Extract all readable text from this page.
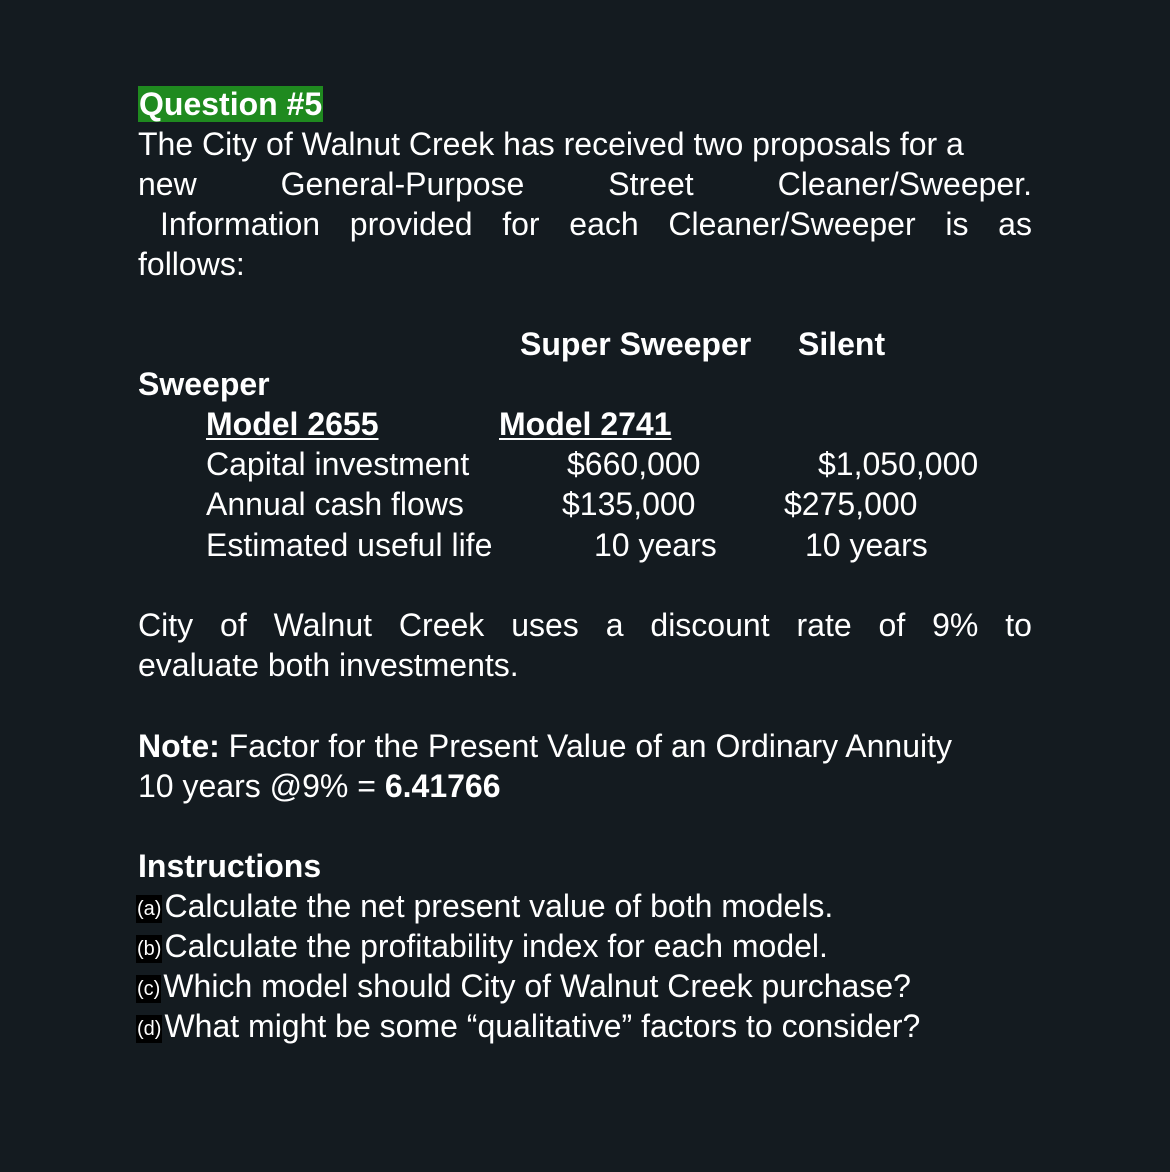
Question #5
The City of Walnut Creek has received two proposals for a
new	General-Purpose	Street	Cleaner/Sweeper.
Information provided for each Cleaner/Sweeper is as
follows:
Super Sweeper Silent
Sweeper
Model 2655	Model 2741
Capital investment	$660,000	$1,050,000
Annual cash flows	$135,000	$275,000
Estimated useful life	10 years	10 years
City of Walnut Creek uses a discount rate of 9% to
evaluate both investments.
Note: Factor for the Present Value of an Ordinary Annuity
10 years @9% = 6.41766
Instructions
(a)Calculate the net present value of both models.
(b)Calculate the profitability index for each model.
(c)Which model should City of Walnut Creek purchase?
(d)What might be some “qualitative” factors to consider?
